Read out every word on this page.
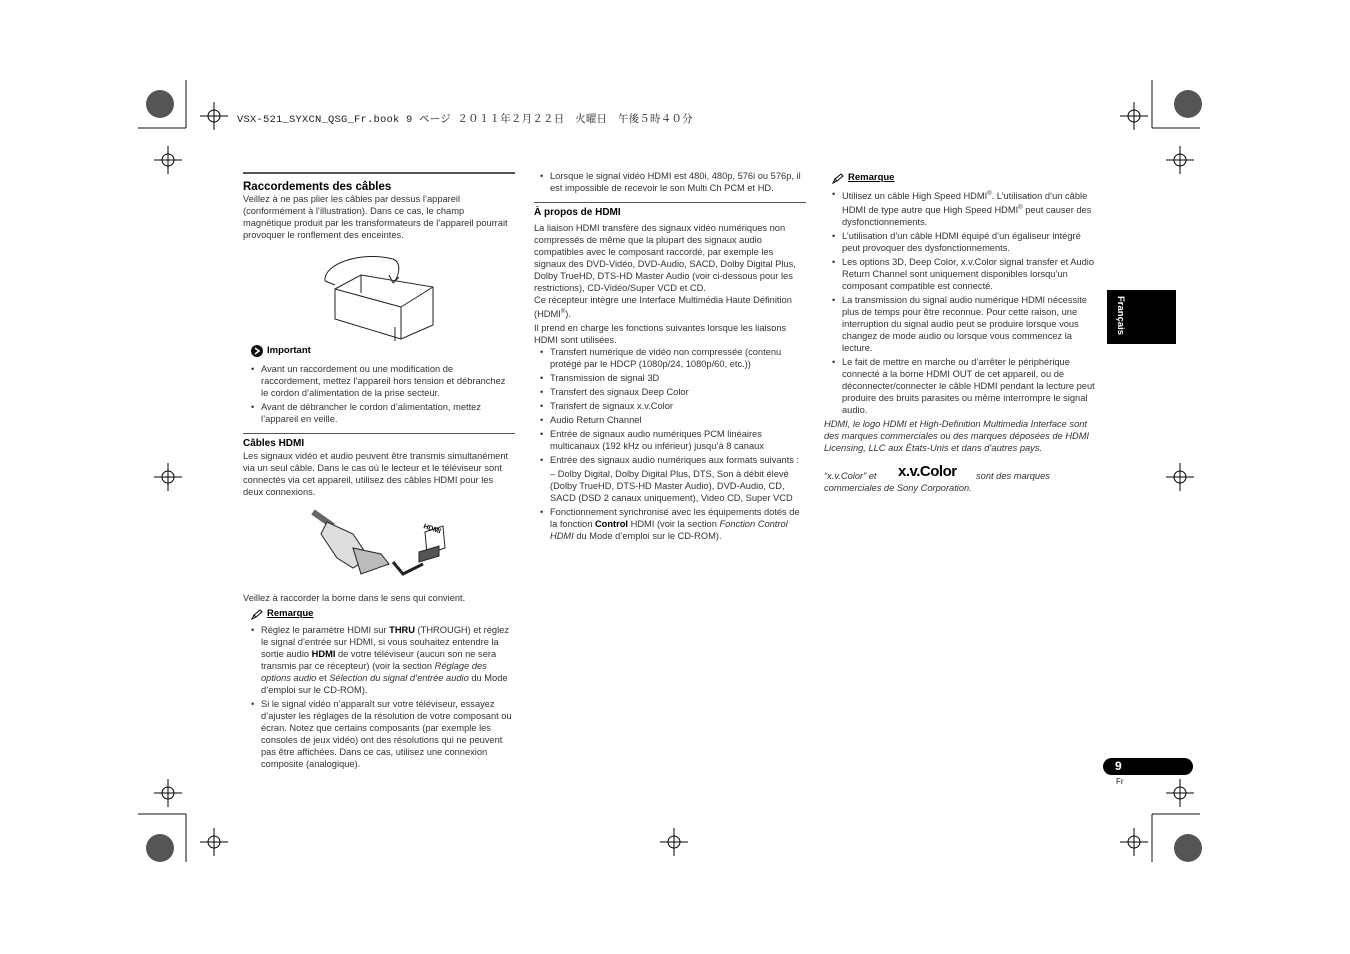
VSX-521_SYXCN_QSG_Fr.book 9 ページ ２０１１年２月２２日　火曜日　午後５時４０分
Raccordements des câbles

Veillez à ne pas plier les câbles par dessus l’appareil (conformément à l’illustration). Dans ce cas, le champ magnétique produit par les transformateurs de l’appareil pourrait provoquer le ronflement des enceintes.

Important
• Avant un raccordement ou une modification de raccordement, mettez l’appareil hors tension et débranchez le cordon d’alimentation de la prise secteur.
• Avant de débrancher le cordon d’alimentation, mettez l’appareil en veille.
Câbles HDMI

Les signaux vidéo et audio peuvent être transmis simultanément via un seul câble. Dans le cas où le lecteur et le téléviseur sont connectés via cet appareil, utilisez des câbles HDMI pour les deux connexions.

HDMI

Veillez à raccorder la borne dans le sens qui convient.

Remarque
• Réglez le paramètre HDMI sur THRU (THROUGH) et réglez le signal d’entrée sur HDMI, si vous souhaitez entendre la sortie audio HDMI de votre téléviseur (aucun son ne sera transmis par ce récepteur) (voir la section Réglage des options audio et Sélection du signal d’entrée audio du Mode d’emploi sur le CD-ROM).
• Si le signal vidéo n’apparaît sur votre téléviseur, essayez d’ajuster les réglages de la résolution de votre composant ou écran. Notez que certains composants (par exemple les consoles de jeux vidéo) ont des résolutions qui ne peuvent pas être affichées. Dans ce cas, utilisez une connexion composite (analogique).
• Lorsque le signal vidéo HDMI est 480i, 480p, 576i ou 576p, il est impossible de recevoir le son Multi Ch PCM et HD.
À propos de HDMI

La liaison HDMI transfère des signaux vidéo numériques non compressés de même que la plupart des signaux audio compatibles avec le composant raccordé, par exemple les signaux des DVD-Vidéo, DVD-Audio, SACD, Dolby Digital Plus, Dolby TrueHD, DTS-HD Master Audio (voir ci-dessous pour les restrictions), CD-Vidéo/Super VCD et CD.

Ce récepteur intègre une Interface Multimédia Haute Définition (HDMI®).

Il prend en charge les fonctions suivantes lorsque les liaisons HDMI sont utilisées.

• Transfert numérique de vidéo non compressée (contenu protégé par le HDCP (1080p/24, 1080p/60, etc.))
• Transmission de signal 3D
• Transfert des signaux Deep Color
• Transfert de signaux x.v.Color
• Audio Return Channel
• Entrée de signaux audio numériques PCM linéaires multicanaux (192 kHz ou inférieur) jusqu’à 8 canaux
• Entrée des signaux audio numériques aux formats suivants :

– Dolby Digital, Dolby Digital Plus, DTS, Son à débit élevé (Dolby TrueHD, DTS-HD Master Audio), DVD-Audio, CD, SACD (DSD 2 canaux uniquement), Video CD, Super VCD

• Fonctionnement synchronisé avec les équipements dotés de la fonction Control HDMI (voir la section Fonction Control HDMI du Mode d’emploi sur le CD-ROM).
Remarque
• Utilisez un câble High Speed HDMI®. L’utilisation d’un câble HDMI de type autre que High Speed HDMI® peut causer des dysfonctionnements.
• L’utilisation d’un câble HDMI équipé d’un égaliseur intégré peut provoquer des dysfonctionnements.
• Les options 3D, Deep Color, x.v.Color signal transfer et Audio Return Channel sont uniquement disponibles lorsqu’un composant compatible est connecté.
• La transmission du signal audio numérique HDMI nécessite plus de temps pour être reconnue. Pour cette raison, une interruption du signal audio peut se produire lorsque vous changez de mode audio ou lorsque vous commencez la lecture.
• Le fait de mettre en marche ou d’arrêter le périphérique connecté à la borne HDMI OUT de cet appareil, ou de déconnecter/connecter le câble HDMI pendant la lecture peut produire des bruits parasites ou même interrompre le signal audio.

HDMI, le logo HDMI et High-Definition Multimedia Interface sont des marques commerciales ou des marques déposées de HDMI Licensing, LLC aux États-Unis et dans d’autres pays.

“x.v.Color” et x.v.Color sont des marques
commerciales de Sony Corporation.
Français
9
Fr
